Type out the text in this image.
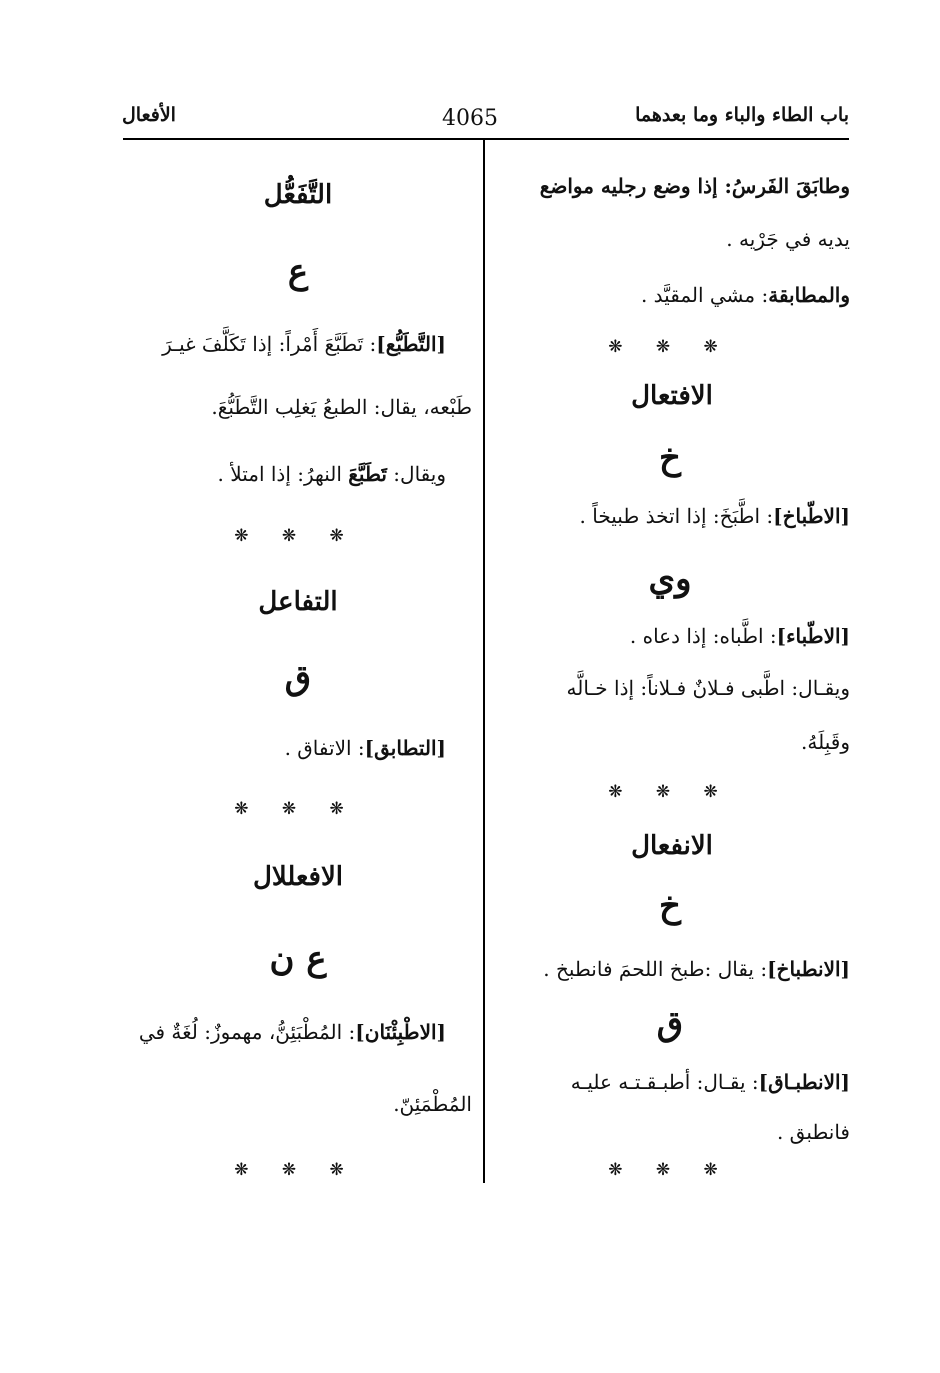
باب الطاء والباء وما بعدهما
4065
الأفعال
وطابَقَ الفَرسُ: إذا وضع رجليه مواضع
يديه في جَرْيه .
والمطابقة: مشي المقيَّد .
❋ ❋ ❋
الافتعال
خ
[الاطّباخ]: اطَّبَخَ: إذا اتخذ طبيخاً .
وي
[الاطّباء]: اطَّباه: إذا دعاه .
ويقـال: اطَّبى فـلانٌ فـلاناً: إذا خـالَّه
وقَبِلَهُ.
❋ ❋ ❋
الانفعال
خ
[الانطباخ]: يقال :طبخ اللحمَ فانطبخ .
ق
[الانطبـاق]: يقـال: أطبـقـتـه عليـه
فانطبق .
❋ ❋ ❋
التَّفَعُّل
ع
[التَّطَبُّع]: تَطَبَّعَ أَمْراً: إذا تَكَلَّفَ غيـرَ
طَبْعه، يقال: الطبعُ يَغلِب التَّطَبُّعَ.
ويقال: تَطَبَّعَ النهرُ: إذا امتلأ .
❋ ❋ ❋
التفاعل
ق
[التطابق]: الاتفاق .
❋ ❋ ❋
الافعللال
ع ن
[الاطْبِئْنَان]: المُطْبَئِنُّ، مهموزٌ: لُغَةٌ في
المُطْمَئِنّ.
❋ ❋ ❋
